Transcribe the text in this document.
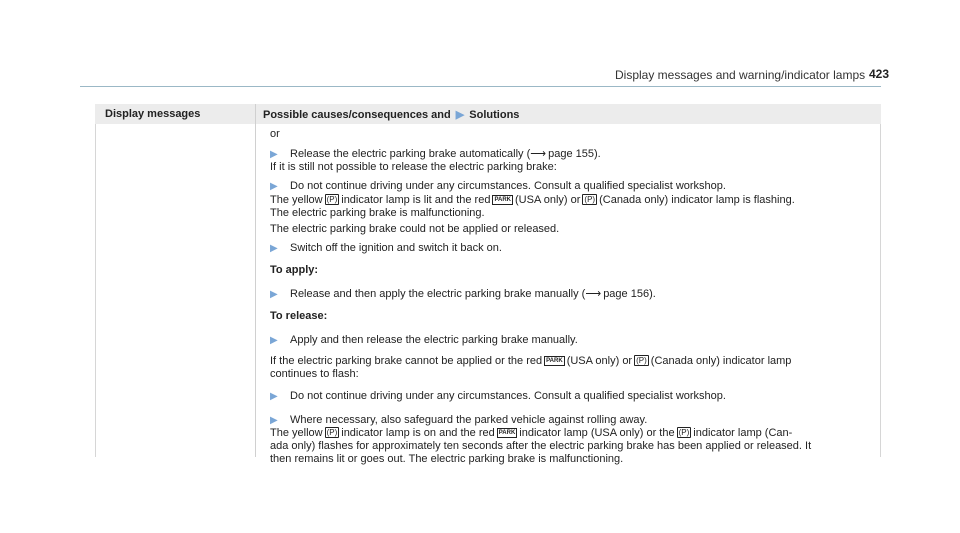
Display messages and warning/indicator lamps 423
Display messages	Possible causes/consequences and ▶ Solutions
or
▶ Release the electric parking brake automatically (⟶ page 155).
If it is still not possible to release the electric parking brake:
▶ Do not continue driving under any circumstances. Consult a qualified specialist workshop.
The yellow (P) indicator lamp is lit and the red PARK (USA only) or (P) (Canada only) indicator lamp is flashing.
The electric parking brake is malfunctioning.
The electric parking brake could not be applied or released.
▶ Switch off the ignition and switch it back on.
To apply:
▶ Release and then apply the electric parking brake manually (⟶ page 156).
To release:
▶ Apply and then release the electric parking brake manually.
If the electric parking brake cannot be applied or the red PARK (USA only) or (P) (Canada only) indicator lamp
continues to flash:
▶ Do not continue driving under any circumstances. Consult a qualified specialist workshop.
▶ Where necessary, also safeguard the parked vehicle against rolling away.
The yellow (P) indicator lamp is on and the red PARK indicator lamp (USA only) or the (P) indicator lamp (Can-
ada only) flashes for approximately ten seconds after the electric parking brake has been applied or released. It
then remains lit or goes out. The electric parking brake is malfunctioning.
